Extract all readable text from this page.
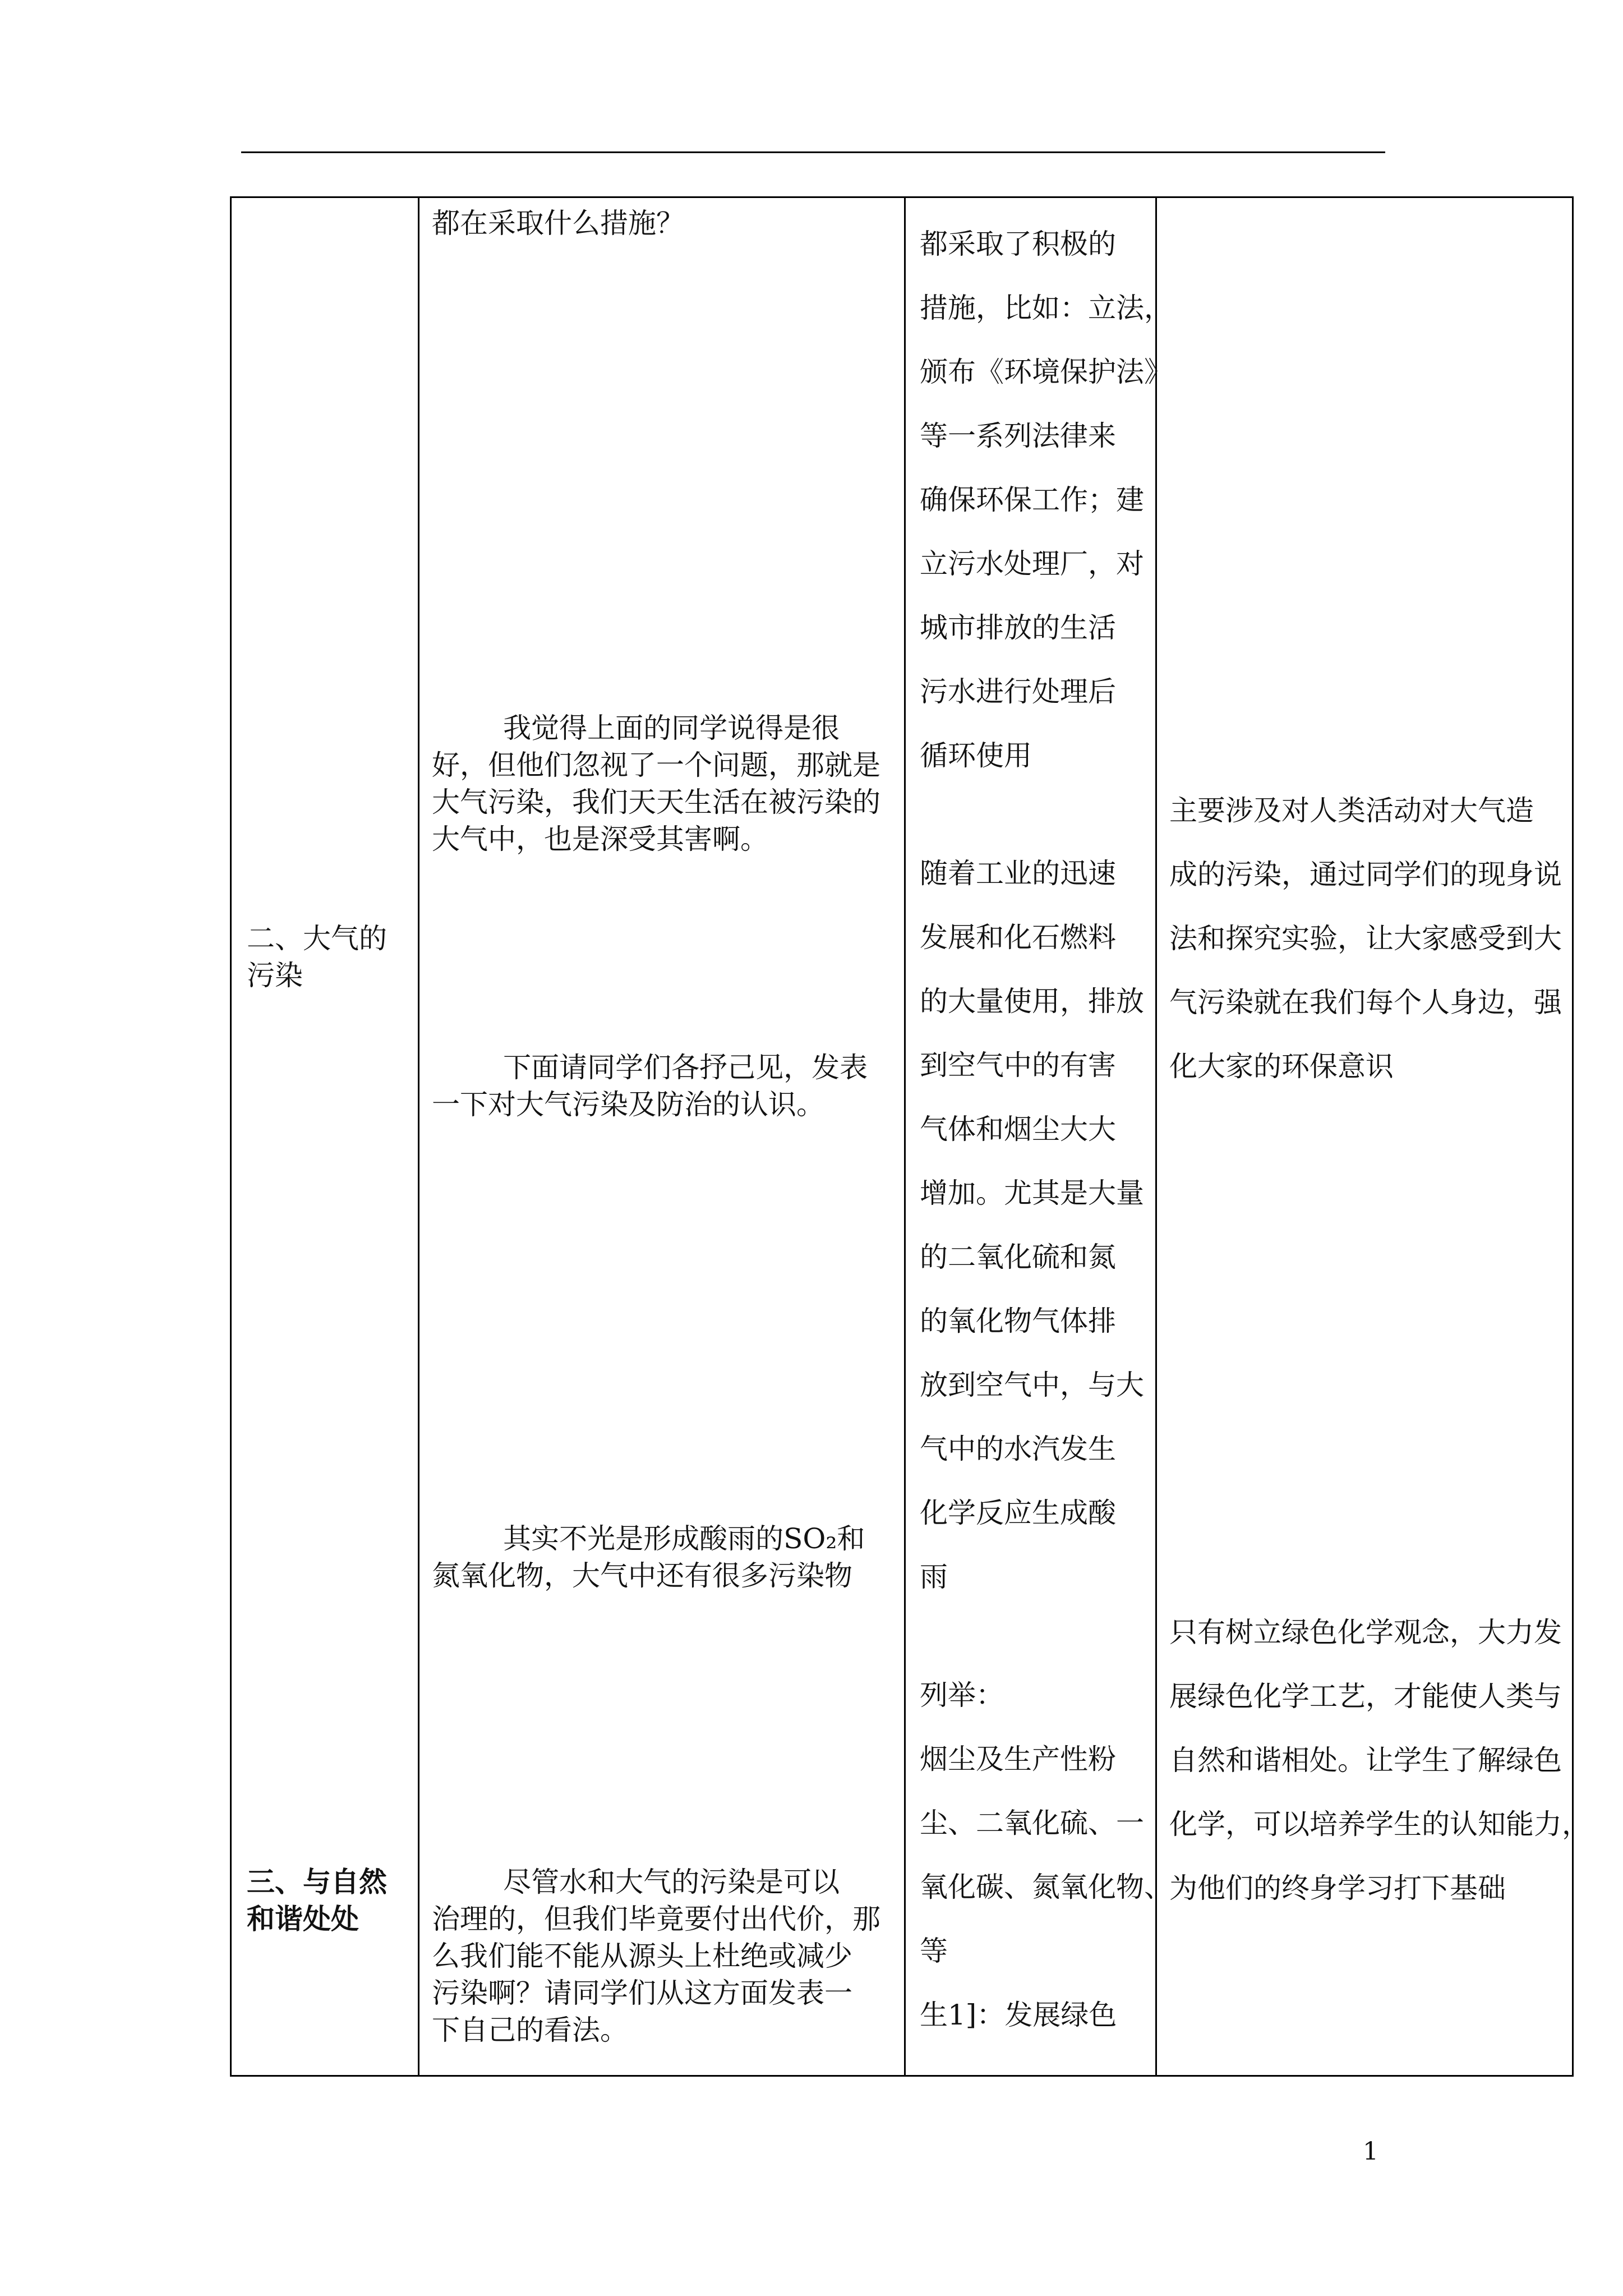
二、大气的
污染
三、与自然
和谐处处
都在采取什么措施？
我觉得上面的同学说得是很
好，但他们忽视了一个问题，那就是
大气污染，我们天天生活在被污染的
大气中，也是深受其害啊。
下面请同学们各抒己见，发表
一下对大气污染及防治的认识。
其实不光是形成酸雨的SO₂和
氮氧化物，大气中还有很多污染物
尽管水和大气的污染是可以
治理的，但我们毕竟要付出代价，那
么我们能不能从源头上杜绝或减少
污染啊？请同学们从这方面发表一
下自己的看法。
都采取了积极的
措施，比如：立法，
颁布《环境保护法》
等一系列法律来
确保环保工作；建
立污水处理厂，对
城市排放的生活
污水进行处理后
循环使用
随着工业的迅速
发展和化石燃料
的大量使用，排放
到空气中的有害
气体和烟尘大大
增加。尤其是大量
的二氧化硫和氮
的氧化物气体排
放到空气中，与大
气中的水汽发生
化学反应生成酸
雨
列举：
烟尘及生产性粉
尘、二氧化硫、一
氧化碳、氮氧化物、
等
生1]：发展绿色
主要涉及对人类活动对大气造
成的污染，通过同学们的现身说
法和探究实验，让大家感受到大
气污染就在我们每个人身边，强
化大家的环保意识
只有树立绿色化学观念，大力发
展绿色化学工艺，才能使人类与
自然和谐相处。让学生了解绿色
化学，可以培养学生的认知能力，
为他们的终身学习打下基础
1
